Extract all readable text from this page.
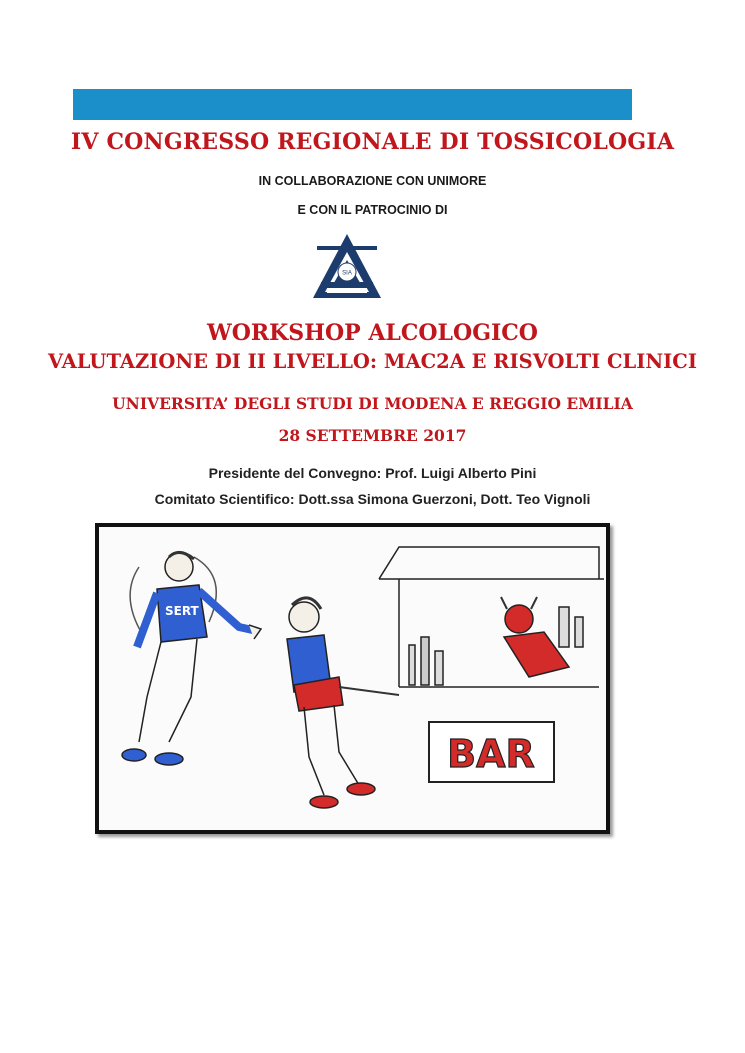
IV CONGRESSO REGIONALE DI TOSSICOLOGIA
IN COLLABORAZIONE CON UNIMORE
E CON IL PATROCINIO DI
SIA
WORKSHOP ALCOLOGICO
VALUTAZIONE DI II LIVELLO: MAC2A E RISVOLTI CLINICI
UNIVERSITA’ DEGLI STUDI DI MODENA E REGGIO EMILIA
28 SETTEMBRE 2017
Presidente del Convegno: Prof. Luigi Alberto Pini
Comitato Scientifico: Dott.ssa Simona Guerzoni, Dott. Teo Vignoli
SERT
BAR
